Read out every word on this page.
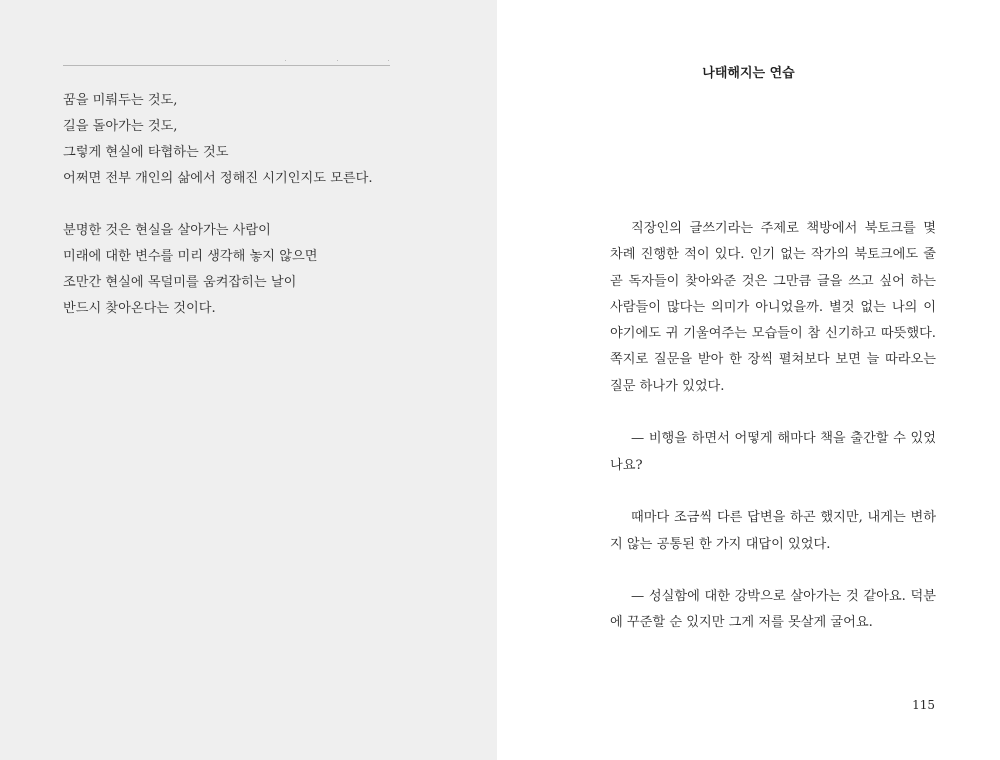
꿈을 미뤄두는 것도,
길을 돌아가는 것도,
그렇게 현실에 타협하는 것도
어쩌면 전부 개인의 삶에서 정해진 시기인지도 모른다.
분명한 것은 현실을 살아가는 사람이
미래에 대한 변수를 미리 생각해 놓지 않으면
조만간 현실에 목덜미를 움켜잡히는 날이
반드시 찾아온다는 것이다.
나태해지는 연습

직장인의 글쓰기라는 주제로 책방에서 북토크를 몇 차례 진행한 적이 있다. 인기 없는 작가의 북토크에도 줄곧 독자들이 찾아와준 것은 그만큼 글을 쓰고 싶어 하는 사람들이 많다는 의미가 아니었을까. 별것 없는 나의 이야기에도 귀 기울여주는 모습들이 참 신기하고 따뜻했다. 쪽지로 질문을 받아 한 장씩 펼쳐보다 보면 늘 따라오는 질문 하나가 있었다.

— 비행을 하면서 어떻게 해마다 책을 출간할 수 있었나요?

때마다 조금씩 다른 답변을 하곤 했지만, 내게는 변하지 않는 공통된 한 가지 대답이 있었다.

— 성실함에 대한 강박으로 살아가는 것 같아요. 덕분에 꾸준할 순 있지만 그게 저를 못살게 굴어요.

115
